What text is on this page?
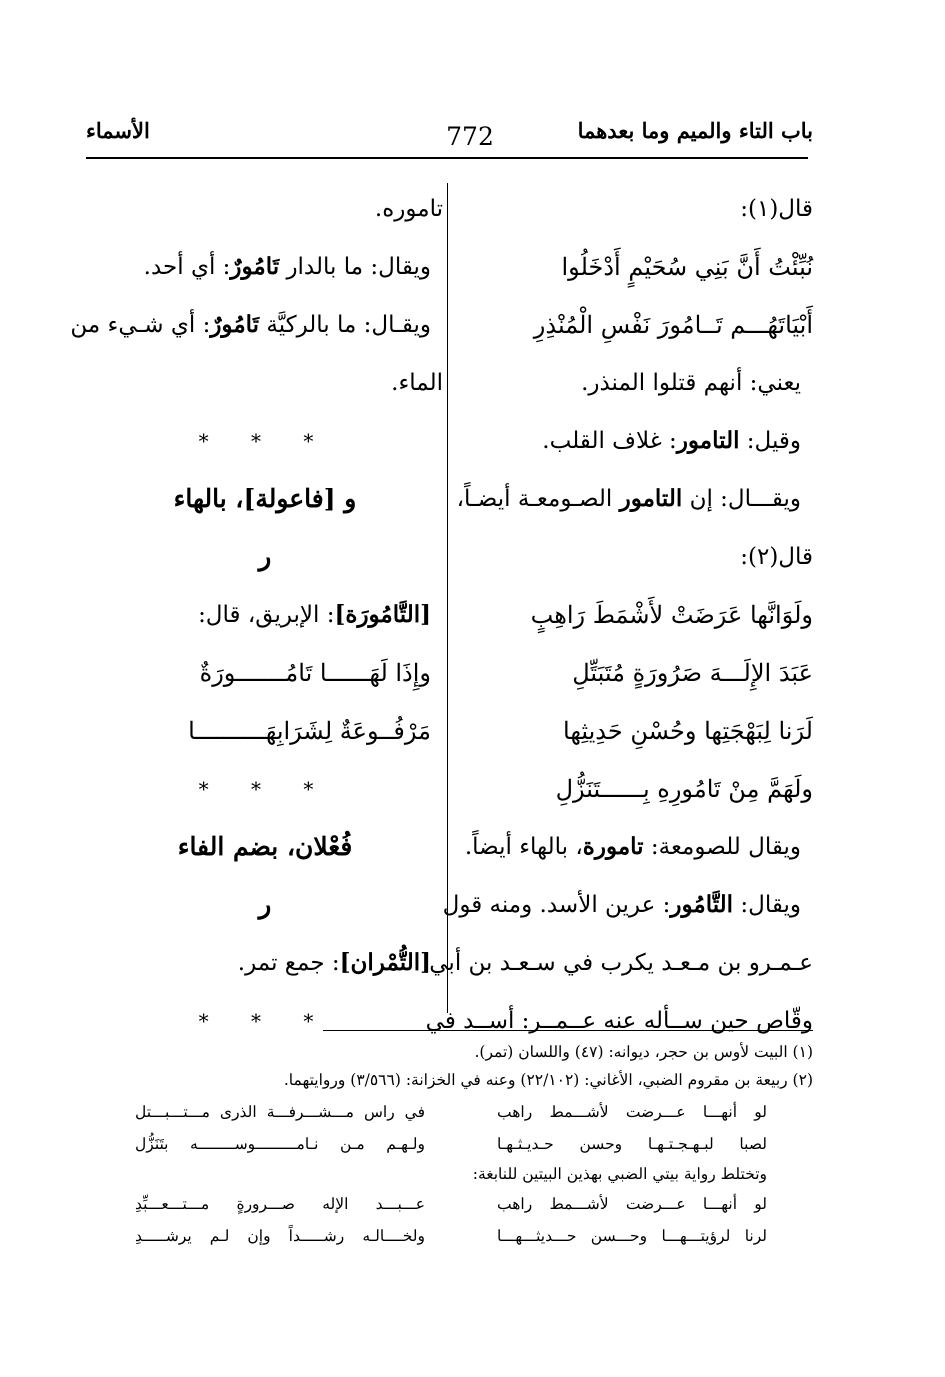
باب التاء والميم وما بعدهما
772
الأسماء
قال(١):
نُبِّئْتُ أَنَّ بَنِي سُحَيْمٍ أَدْخَلُوا
أَبْيَاتَهُـــم تَــامُورَ نَفْسِ الْمُنْذِرِ
يعني: أنهم قتلوا المنذر.
وقيل: التامور: غلاف القلب.
ويقـــال: إن التامور الصـومعـة أيضـاً،
قال(٢):
ولَوَانَّها عَرَضَتْ لأَشْمَطَ رَاهِبٍ
عَبَدَ الإِلَـــهَ صَرُورَةٍ مُتَبَتِّلِ
لَرَنا لِبَهْجَتِها وحُسْنِ حَدِيثِها
ولَهَمَّ مِنْ تَامُورِهِ بِــــــتَنَزُّلِ
ويقال للصومعة: تامورة، بالهاء أيضاً.
ويقال: التَّامُور: عرين الأسد. ومنه قول
عـمـرو بن مـعـد يكرب في سـعـد بن أبي
وقّاص حين ســأله عنه عــمــر: أســد في
تاموره.
ويقال: ما بالدار تَامُورٌ: أي أحد.
ويقـال: ما بالركيَّة تَامُورٌ: أي شـيء من
الماء.
* * *
و [فاعولة]، بالهاء
ر
[التَّامُورَة]: الإبريق، قال:
وإِذَا لَهَــــــا تَامُـــــــورَةٌ
مَرْفُــوعَةٌ لِشَرَابِهَــــــــــا
* * *
فُعْلان، بضم الفاء
ر
[التُّمْران]: جمع تمر.
* * *
(١) البيت لأوس بن حجر، ديوانه: (٤٧) واللسان (تمر).
(٢) ربيعة بن مقروم الضبي، الأغاني: (٢٢/١٠٢) وعنه في الخزانة: (٣/٥٦٦) وروايتهما.
لو أنهـــا عـــرضت لأشـــمط راهب
في راس مـــشـــرفـــة الذرى مـــتـــبـــتل
لصبا لبـهـجـتـهـا وحسن حـديـثـهـا
ولـهـم مـن نـامـــــــــوســــــــه بتَنَزُّل
وتختلط رواية بيتي الضبي بهذين البيتين للنابغة:
لو أنهـــا عـــرضت لأشـــمط راهب
عـــبـــد الإله صـــرورةٍ مـــتـــعـــبِّدِ
لرنا لرؤيتـــهـــا وحـــسن حـــديثـــهـــا
ولخــــالـه رشـــــداً وإن لـم يرشـــــدِ
